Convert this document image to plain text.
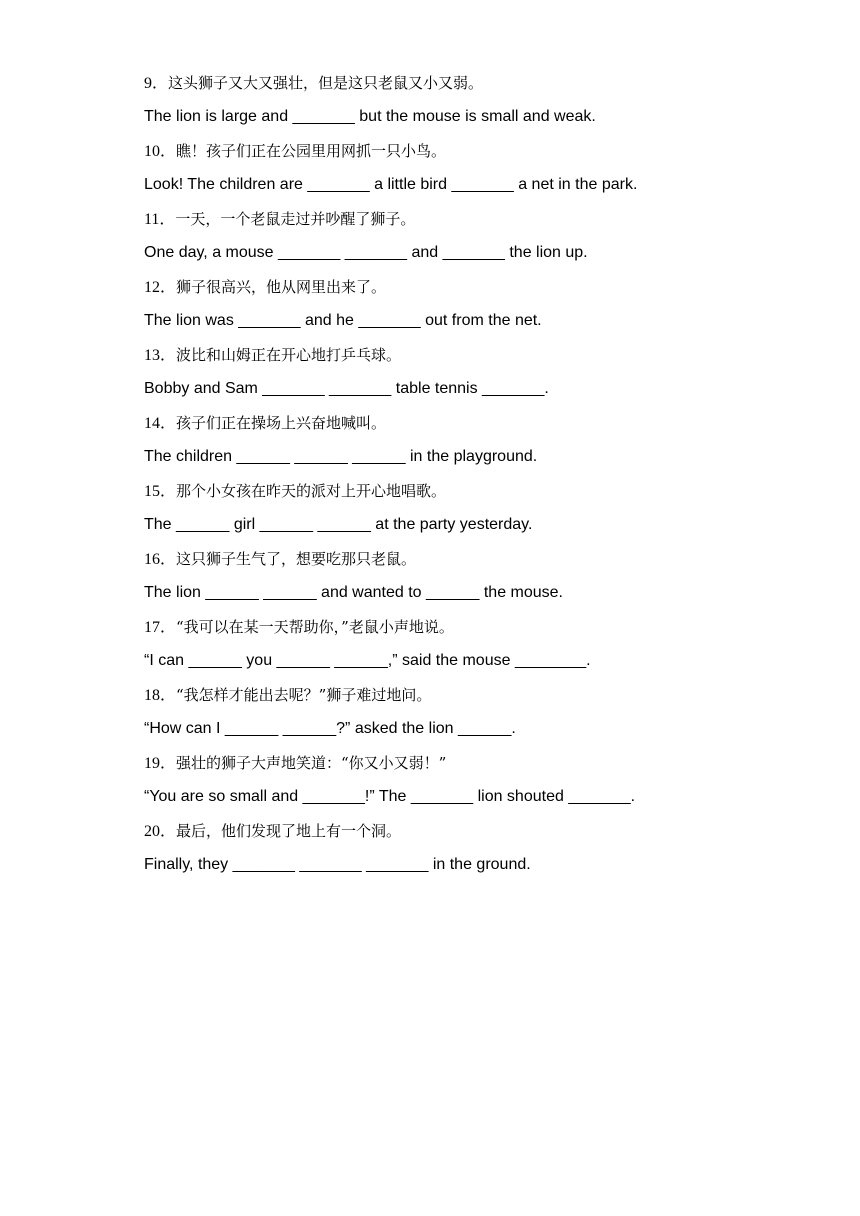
9．这头狮子又大又强壮，但是这只老鼠又小又弱。
The lion is large and _______ but the mouse is small and weak.
10．瞧！孩子们正在公园里用网抓一只小鸟。
Look! The children are _______ a little bird _______ a net in the park.
11．一天，一个老鼠走过并吵醒了狮子。
One day, a mouse _______ _______ and _______ the lion up.
12．狮子很高兴，他从网里出来了。
The lion was _______ and he _______ out from the net.
13．波比和山姆正在开心地打乒乓球。
Bobby and Sam _______ _______ table tennis _______.
14．孩子们正在操场上兴奋地喊叫。
The children ______ ______ ______ in the playground.
15．那个小女孩在昨天的派对上开心地唱歌。
The ______ girl ______ ______ at the party yesterday.
16．这只狮子生气了，想要吃那只老鼠。
The lion ______ ______ and wanted to ______ the mouse.
17．“我可以在某一天帮助你，”老鼠小声地说。
“I can ______ you ______ ______,” said the mouse ________.
18．“我怎样才能出去呢？”狮子难过地问。
“How can I ______ ______?” asked the lion ______.
19．强壮的狮子大声地笑道：“你又小又弱！”
“You are so small and _______!” The _______ lion shouted _______.
20．最后，他们发现了地上有一个洞。
Finally, they _______ _______ _______ in the ground.
